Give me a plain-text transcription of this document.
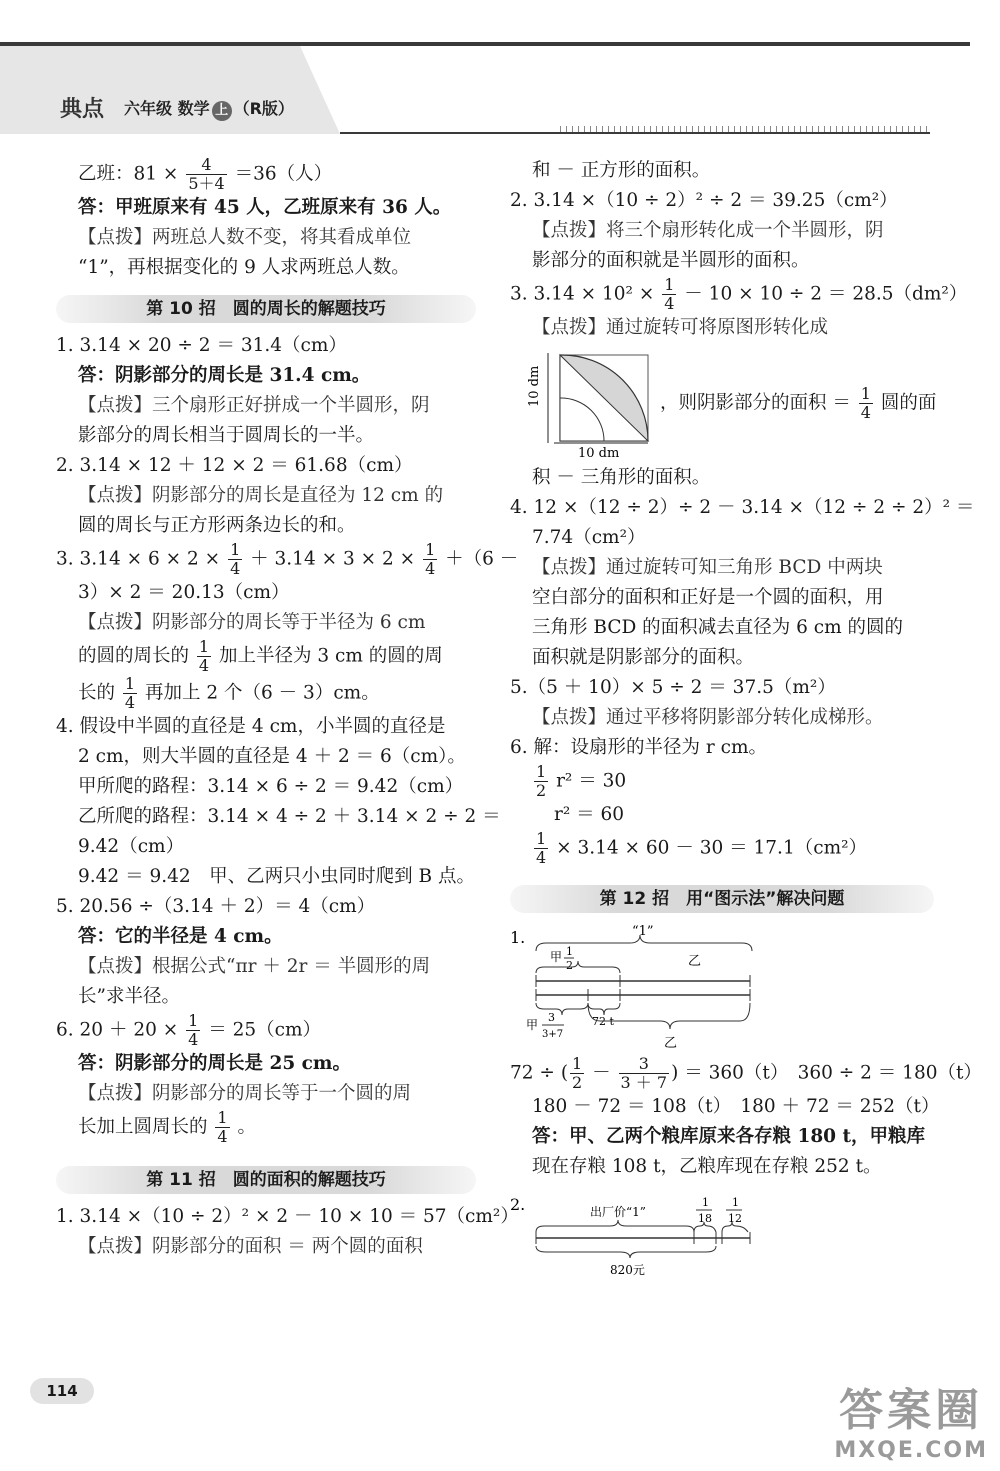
典点 六年级 数学 上 （R版）

乙班：$81 \times \frac{4}{5+4} =36$（人）

答：甲班原来有 45 人，乙班原来有 36 人。

【点拨】两班总人数不变，将其看成单位

“1”，再根据变化的 9 人求两班总人数。

第 10 招　圆的周长的解题技巧

1. 3.14 × 20 ÷ 2 ＝ 31.4（cm）

答：阴影部分的周长是 31.4 cm。

【点拨】三个扇形正好拼成一个半圆形，阴

影部分的周长相当于圆周长的一半。

2. 3.14 × 12 ＋ 12 × 2 ＝ 61.68（cm）

【点拨】阴影部分的周长是直径为 12 cm 的

圆的周长与正方形两条边长的和。

3. $3.14 \times 6 \times 2 \times \frac{1}{4} + 3.14 \times 3 \times 2 \times \frac{1}{4} +(6$ －

3）× 2 ＝ 20.13（cm）

【点拨】阴影部分的周长等于半径为 6 cm

的圆的周长的 $\frac{1}{4}$ 加上半径为 3 cm 的圆的周

长的 $\frac{1}{4}$ 再加上 2 个（6 － 3）cm。

4. 假设中半圆的直径是 4 cm，小半圆的直径是

2 cm，则大半圆的直径是 4 ＋ 2 ＝ 6（cm）。

甲所爬的路程：3.14 × 6 ÷ 2 ＝ 9.42（cm）

乙所爬的路程：3.14 × 4 ÷ 2 ＋ 3.14 × 2 ÷ 2 ＝

9.42（cm）

9.42 ＝ 9.42　甲、乙两只小虫同时爬到 B 点。

5. 20.56 ÷（3.14 ＋ 2）＝ 4（cm）

答：它的半径是 4 cm。

【点拨】根据公式“πr ＋ 2r ＝ 半圆形的周

长”求半径。

6. $20 + 20 \times \frac{1}{4} = 25(cm)$

答：阴影部分的周长是 25 cm。

【点拨】阴影部分的周长等于一个圆的周

长加上圆周长的 $\frac{1}{4}$ 。

第 11 招　圆的面积的解题技巧

1. 3.14 ×（10 ÷ 2）² × 2 － 10 × 10 ＝ 57（cm²）

【点拨】阴影部分的面积 ＝ 两个圆的面积

和 － 正方形的面积。

2. 3.14 ×（10 ÷ 2）² ÷ 2 ＝ 39.25（cm²）

【点拨】将三个扇形转化成一个半圆形，阴

影部分的面积就是半圆形的面积。

3. $3.14 \times 10^2 \times \frac{1}{4} - 10 \times 10 \div 2 = 28.5(dm^2)$

【点拨】通过旋转可将原图形转化成

10 dm
10 dm

，则阴影部分的面积 ＝ $\frac{1}{4}$ 圆的面

积 － 三角形的面积。

4. 12 ×（12 ÷ 2）÷ 2 － 3.14 ×（12 ÷ 2 ÷ 2）² ＝

7.74（cm²）

【点拨】通过旋转可知三角形 BCD 中两块

空白部分的面积和正好是一个圆的面积，用

三角形 BCD 的面积减去直径为 6 cm 的圆的

面积就是阴影部分的面积。

5.（5 ＋ 10）× 5 ÷ 2 ＝ 37.5（m²）

【点拨】通过平移将阴影部分转化成梯形。

6. 解：设扇形的半径为 r cm。

$\frac{1}{2} r^2 = 30$

r² ＝ 60

$\frac{1}{4} \times 3.14 \times 60 - 30 = 17.1(cm^2)$

第 12 招　用“图示法”解决问题
1.	“1”
甲 1
2	乙
甲
3
3+7
72 t
乙

72 ÷ ( $\frac{1}{2} - \frac{3}{3 + 7}$ ) ＝ 360（t）　360 ÷ 2 ＝ 180（t）

180 － 72 ＝ 108（t）　180 ＋ 72 ＝ 252（t）

答：甲、乙两个粮库原来各存粮 180 t，甲粮库

现在存粮 108 t，乙粮库现在存粮 252 t。

2.	出厂价“1”
1
18
1
12
820元
114	答案圈
MXQE.COM
